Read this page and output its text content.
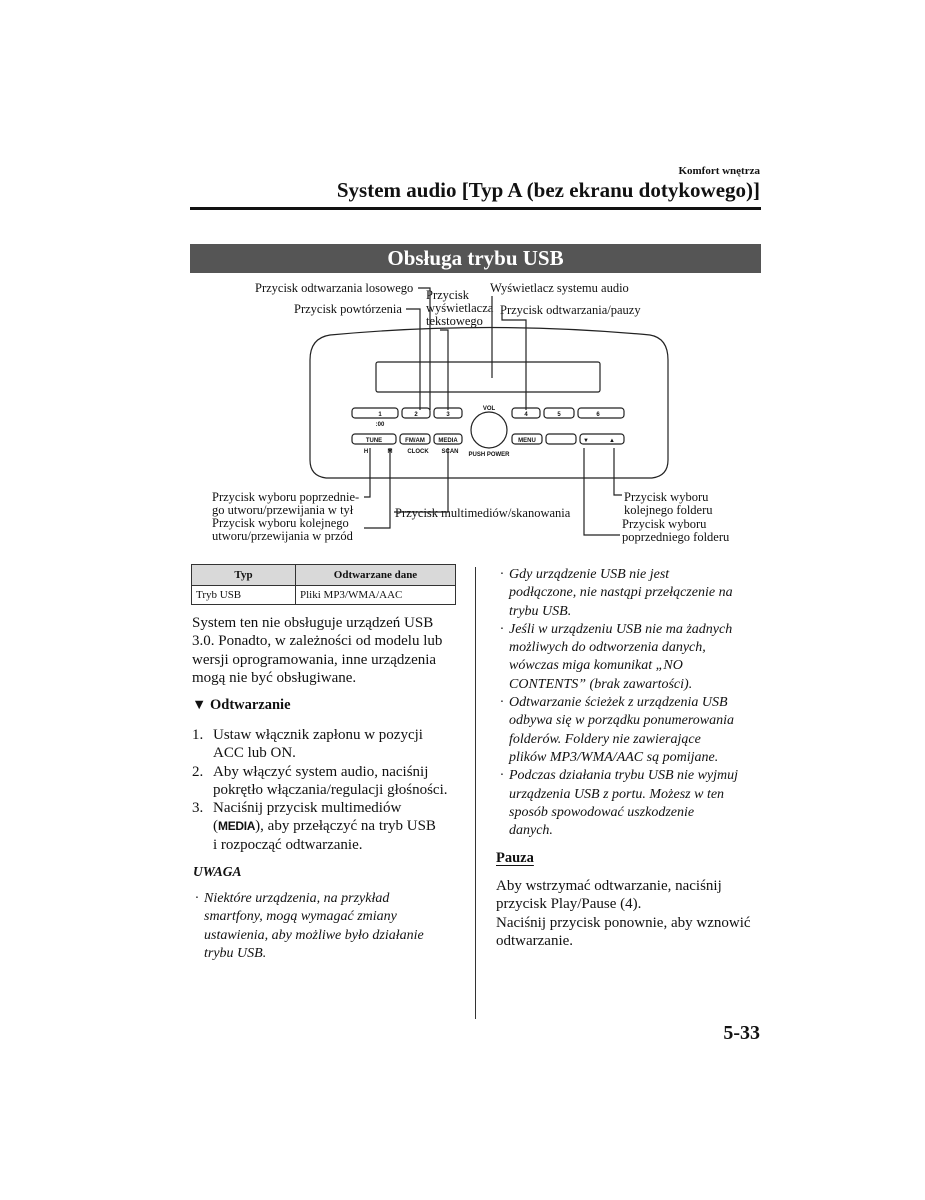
Komfort wnętrza
System audio [Typ A (bez ekranu dotykowego)]
Obsługa trybu USB
Przycisk odtwarzania losowego
Przycisk powtórzenia
Przycisk
wyświetlacza
tekstowego
Wyświetlacz systemu audio
Przycisk odtwarzania/pauzy
Przycisk wyboru poprzednie-
go utworu/przewijania w tył
Przycisk wyboru kolejnego
utworu/przewijania w przód
Przycisk multimediów/skanowania
Przycisk wyboru
kolejnego folderu
Przycisk wyboru
poprzedniego folderu
1	2	3	4	5	6
:00
VOL
TUNE	FM/AM MEDIA	MENU	▼	▲
H	M CLOCK SCAN PUSH POWER
Typ	Odtwarzane dane
Tryb USB	Pliki MP3/WMA/AAC
System ten nie obsługuje urządzeń USB
3.0. Ponadto, w zależności od modelu lub
wersji oprogramowania, inne urządzenia
mogą nie być obsługiwane.
▼ Odtwarzanie
1. Ustaw włącznik zapłonu w pozycji
ACC lub ON.
2. Aby włączyć system audio, naciśnij
pokrętło włączania/regulacji głośności.
3. Naciśnij przycisk multimediów
(MEDIA), aby przełączyć na tryb USB
i rozpocząć odtwarzanie.
UWAGA
· Niektóre urządzenia, na przykład
smartfony, mogą wymagać zmiany
ustawienia, aby możliwe było działanie
trybu USB.
· Gdy urządzenie USB nie jest
podłączone, nie nastąpi przełączenie na
trybu USB.
· Jeśli w urządzeniu USB nie ma żadnych
możliwych do odtworzenia danych,
wówczas miga komunikat „NO
CONTENTS” (brak zawartości).
· Odtwarzanie ścieżek z urządzenia USB
odbywa się w porządku ponumerowania
folderów. Foldery nie zawierające
plików MP3/WMA/AAC są pomijane.
· Podczas działania trybu USB nie wyjmuj
urządzenia USB z portu. Możesz w ten
sposób spowodować uszkodzenie
danych.
Pauza
Aby wstrzymać odtwarzanie, naciśnij
przycisk Play/Pause (4).
Naciśnij przycisk ponownie, aby wznowić
odtwarzanie.
5-33
